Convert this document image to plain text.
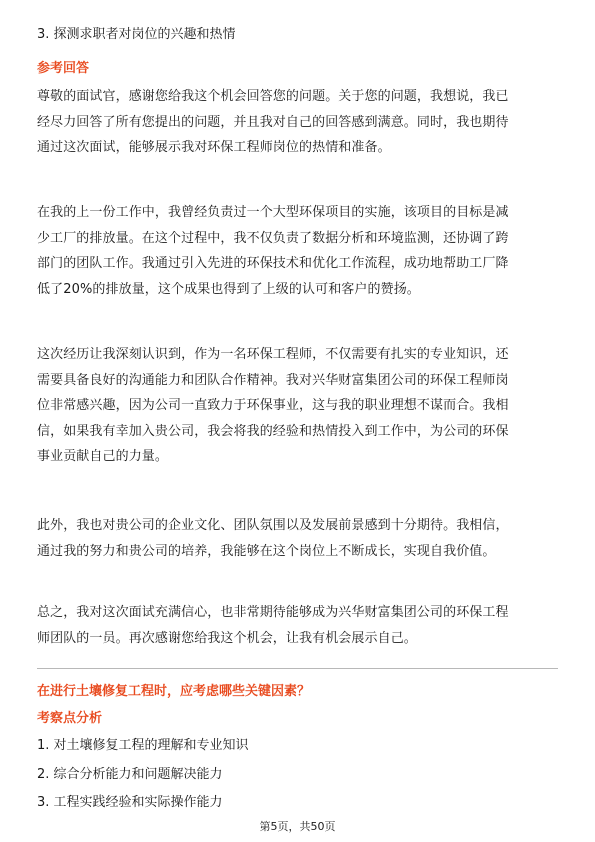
3. 探测求职者对岗位的兴趣和热情
参考回答
尊敬的面试官，感谢您给我这个机会回答您的问题。关于您的问题，我想说，我已
经尽力回答了所有您提出的问题，并且我对自己的回答感到满意。同时，我也期待
通过这次面试，能够展示我对环保工程师岗位的热情和准备。
在我的上一份工作中，我曾经负责过一个大型环保项目的实施，该项目的目标是减
少工厂的排放量。在这个过程中，我不仅负责了数据分析和环境监测，还协调了跨
部门的团队工作。我通过引入先进的环保技术和优化工作流程，成功地帮助工厂降
低了20%的排放量，这个成果也得到了上级的认可和客户的赞扬。
这次经历让我深刻认识到，作为一名环保工程师，不仅需要有扎实的专业知识，还
需要具备良好的沟通能力和团队合作精神。我对兴华财富集团公司的环保工程师岗
位非常感兴趣，因为公司一直致力于环保事业，这与我的职业理想不谋而合。我相
信，如果我有幸加入贵公司，我会将我的经验和热情投入到工作中，为公司的环保
事业贡献自己的力量。
此外，我也对贵公司的企业文化、团队氛围以及发展前景感到十分期待。我相信，
通过我的努力和贵公司的培养，我能够在这个岗位上不断成长，实现自我价值。
总之，我对这次面试充满信心，也非常期待能够成为兴华财富集团公司的环保工程
师团队的一员。再次感谢您给我这个机会，让我有机会展示自己。
在进行土壤修复工程时，应考虑哪些关键因素？
考察点分析
1. 对土壤修复工程的理解和专业知识
2. 综合分析能力和问题解决能力
3. 工程实践经验和实际操作能力
第5页，共50页
